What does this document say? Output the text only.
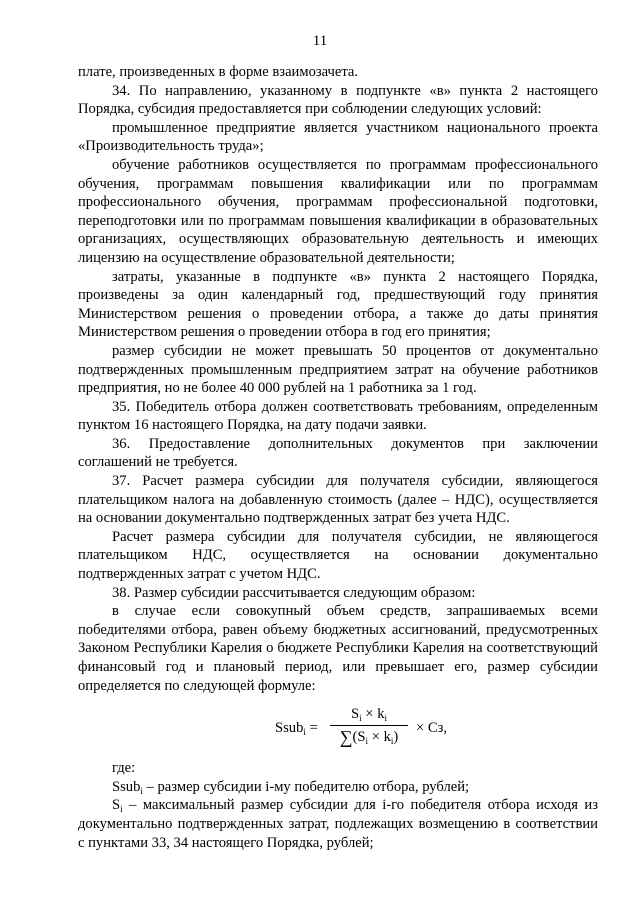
11

плате, произведенных в форме взаимозачета.

34. По направлению, указанному в подпункте «в» пункта 2 настоящего Порядка, субсидия предоставляется при соблюдении следующих условий:

промышленное предприятие является участником национального проекта «Производительность труда»;

обучение работников осуществляется по программам профессионального обучения, программам повышения квалификации или по программам профессионального обучения, программам профессиональной подготовки, переподготовки или по программам повышения квалификации в образовательных организациях, осуществляющих образовательную деятельность и имеющих лицензию на осуществление образовательной деятельности;

затраты, указанные в подпункте «в» пункта 2 настоящего Порядка, произведены за один календарный год, предшествующий году принятия Министерством решения о проведении отбора, а также до даты принятия Министерством решения о проведении отбора в год его принятия;

размер субсидии не может превышать 50 процентов от документально подтвержденных промышленным предприятием затрат на обучение работников предприятия, но не более 40 000 рублей на 1 работника за 1 год.

35. Победитель отбора должен соответствовать требованиям, определенным пунктом 16 настоящего Порядка, на дату подачи заявки.

36. Предоставление дополнительных документов при заключении соглашений не требуется.

37. Расчет размера субсидии для получателя субсидии, являющегося плательщиком налога на добавленную стоимость (далее – НДС), осуществляется на основании документально подтвержденных затрат без учета НДС.

Расчет размера субсидии для получателя субсидии, не являющегося плательщиком НДС, осуществляется на основании документально подтвержденных затрат с учетом НДС.

38. Размер субсидии рассчитывается следующим образом:

в случае если совокупный объем средств, запрашиваемых всеми победителями отбора, равен объему бюджетных ассигнований, предусмотренных Законом Республики Карелия о бюджете Республики Карелия на соответствующий финансовый год и плановый период, или превышает его, размер субсидии определяется по следующей формуле:

Ssub$_i$ = $\frac{S_i \times k_i}{\sum(S_i \times k_i)}$ × Сз,

где:

Ssub$_i$ – размер субсидии i-му победителю отбора, рублей;

$S_i$ – максимальный размер субсидии для i-го победителя отбора исходя из документально подтвержденных затрат, подлежащих возмещению в соответствии с пунктами 33, 34 настоящего Порядка, рублей;
